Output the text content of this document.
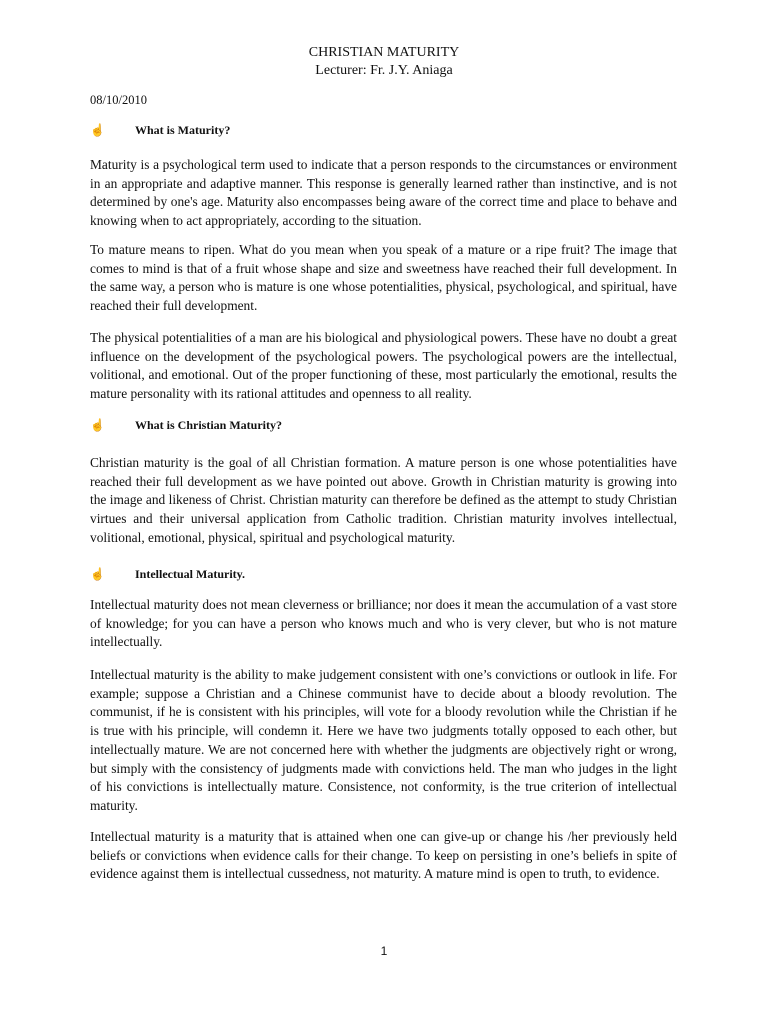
CHRISTIAN MATURITY
Lecturer: Fr. J.Y. Aniaga
08/10/2010
☝	What is Maturity?

Maturity is a psychological term used to indicate that a person responds to the circumstances or environment in an appropriate and adaptive manner. This response is generally learned rather than instinctive, and is not determined by one's age. Maturity also encompasses being aware of the correct time and place to behave and knowing when to act appropriately, according to the situation.

To mature means to ripen. What do you mean when you speak of a mature or a ripe fruit? The image that comes to mind is that of a fruit whose shape and size and sweetness have reached their full development. In the same way, a person who is mature is one whose potentialities, physical, psychological, and spiritual, have reached their full development.

The physical potentialities of a man are his biological and physiological powers. These have no doubt a great influence on the development of the psychological powers. The psychological powers are the intellectual, volitional, and emotional. Out of the proper functioning of these, most particularly the emotional, results the mature personality with its rational attitudes and openness to all reality.

☝	What is Christian Maturity?

Christian maturity is the goal of all Christian formation. A mature person is one whose potentialities have reached their full development as we have pointed out above. Growth in Christian maturity is growing into the image and likeness of Christ. Christian maturity can therefore be defined as the attempt to study Christian virtues and their universal application from Catholic tradition. Christian maturity involves intellectual, volitional, emotional, physical, spiritual and psychological maturity.

☝	Intellectual Maturity.

Intellectual maturity does not mean cleverness or brilliance; nor does it mean the accumulation of a vast store of knowledge; for you can have a person who knows much and who is very clever, but who is not mature intellectually.

Intellectual maturity is the ability to make judgement consistent with one’s convictions or outlook in life. For example; suppose a Christian and a Chinese communist have to decide about a bloody revolution. The communist, if he is consistent with his principles, will vote for a bloody revolution while the Christian if he is true with his principle, will condemn it. Here we have two judgments totally opposed to each other, but intellectually mature. We are not concerned here with whether the judgments are objectively right or wrong, but simply with the consistency of judgments made with convictions held. The man who judges in the light of his convictions is intellectually mature. Consistence, not conformity, is the true criterion of intellectual maturity.

Intellectual maturity is a maturity that is attained when one can give-up or change his /her previously held beliefs or convictions when evidence calls for their change. To keep on persisting in one’s beliefs in spite of evidence against them is intellectual cussedness, not maturity. A mature mind is open to truth, to evidence.

1
